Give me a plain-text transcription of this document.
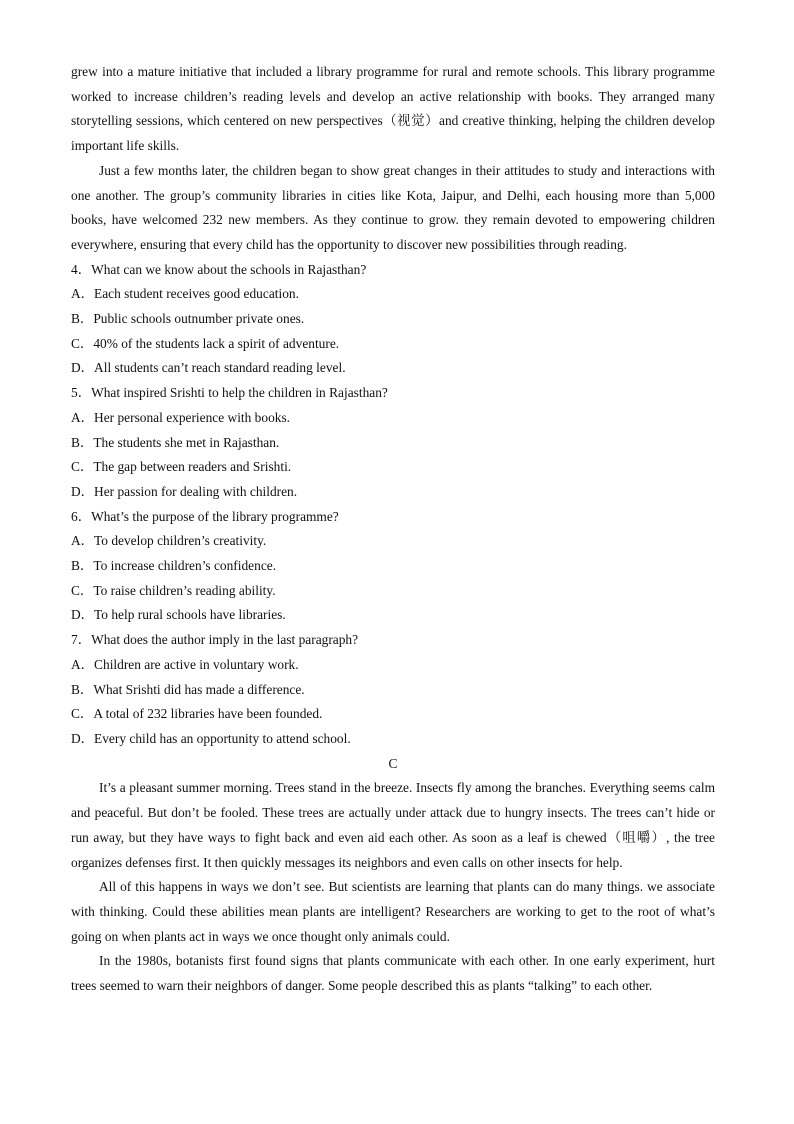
grew into a mature initiative that included a library programme for rural and remote schools. This library programme worked to increase children’s reading levels and develop an active relationship with books. They arranged many storytelling sessions, which centered on new perspectives（视觉）and creative thinking, helping the children develop important life skills.

Just a few months later, the children began to show great changes in their attitudes to study and interactions with one another. The group’s community libraries in cities like Kota, Jaipur, and Delhi, each housing more than 5,000 books, have welcomed 232 new members. As they continue to grow. they remain devoted to empowering children everywhere, ensuring that every child has the opportunity to discover new possibilities through reading.

4．What can we know about the schools in Rajasthan?

A．Each student receives good education.

B．Public schools outnumber private ones.

C．40% of the students lack a spirit of adventure.

D．All students can’t reach standard reading level.

5．What inspired Srishti to help the children in Rajasthan?

A．Her personal experience with books.

B．The students she met in Rajasthan.

C．The gap between readers and Srishti.

D．Her passion for dealing with children.

6．What’s the purpose of the library programme?

A．To develop children’s creativity.

B．To increase children’s confidence.

C．To raise children’s reading ability.

D．To help rural schools have libraries.

7．What does the author imply in the last paragraph?

A．Children are active in voluntary work.

B．What Srishti did has made a difference.

C．A total of 232 libraries have been founded.

D．Every child has an opportunity to attend school.

C

It’s a pleasant summer morning. Trees stand in the breeze. Insects fly among the branches. Everything seems calm and peaceful. But don’t be fooled. These trees are actually under attack due to hungry insects. The trees can’t hide or run away, but they have ways to fight back and even aid each other. As soon as a leaf is chewed（咀嚼）, the tree organizes defenses first. It then quickly messages its neighbors and even calls on other insects for help.

All of this happens in ways we don’t see. But scientists are learning that plants can do many things. we associate with thinking. Could these abilities mean plants are intelligent? Researchers are working to get to the root of what’s going on when plants act in ways we once thought only animals could.

In the 1980s, botanists first found signs that plants communicate with each other. In one early experiment, hurt trees seemed to warn their neighbors of danger. Some people described this as plants “talking” to each other.
